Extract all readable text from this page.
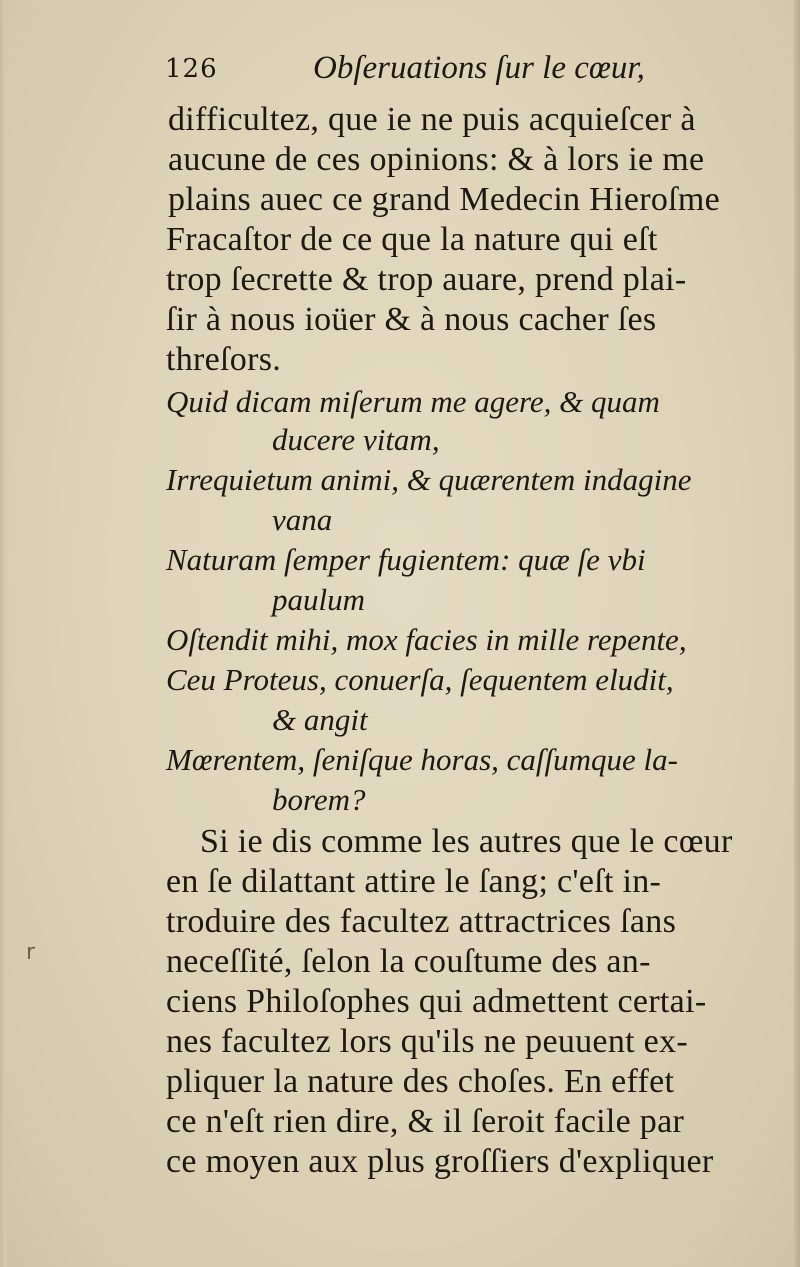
126	Obſeruations ſur le cœur,
difficultez, que ie ne puis acquieſcer à
aucune de ces opinions: & à lors ie me
plains auec ce grand Medecin Hieroſme
Fracaſtor de ce que la nature qui eſt
trop ſecrette & trop auare, prend plai-
ſir à nous ioüer & à nous cacher ſes
threſors.
Quid dicam miſerum me agere, & quam
ducere vitam,
Irrequietum animi, & quærentem indagine
vana
Naturam ſemper fugientem: quæ ſe vbi
paulum
Oſtendit mihi, mox facies in mille repente,
Ceu Proteus, conuerſa, ſequentem eludit,
& angit
Mœrentem, ſeniſque horas, caſſumque la-
borem?
Si ie dis comme les autres que le cœur
en ſe dilattant attire le ſang; c'eſt in-
troduire des facultez attractrices ſans
neceſſité, ſelon la couſtume des an-
ciens Philoſophes qui admettent certai-
nes facultez lors qu'ils ne peuuent ex-
pliquer la nature des choſes. En effet
ce n'eſt rien dire, & il ſeroit facile par
ce moyen aux plus groſſiers d'expliquer
r
